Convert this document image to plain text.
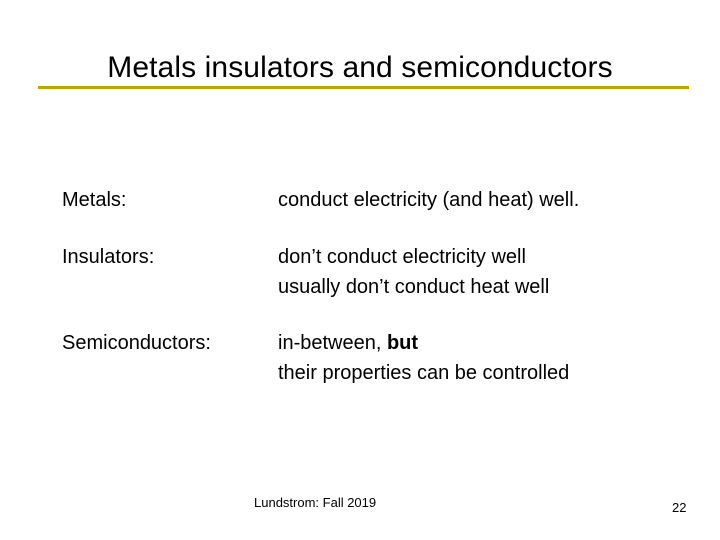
Metals insulators and semiconductors
Metals:	conduct electricity (and heat) well.
Insulators:	don’t conduct electricity well
usually don’t conduct heat well
Semiconductors:	in-between, but
their properties can be controlled
Lundstrom: Fall 2019	22
